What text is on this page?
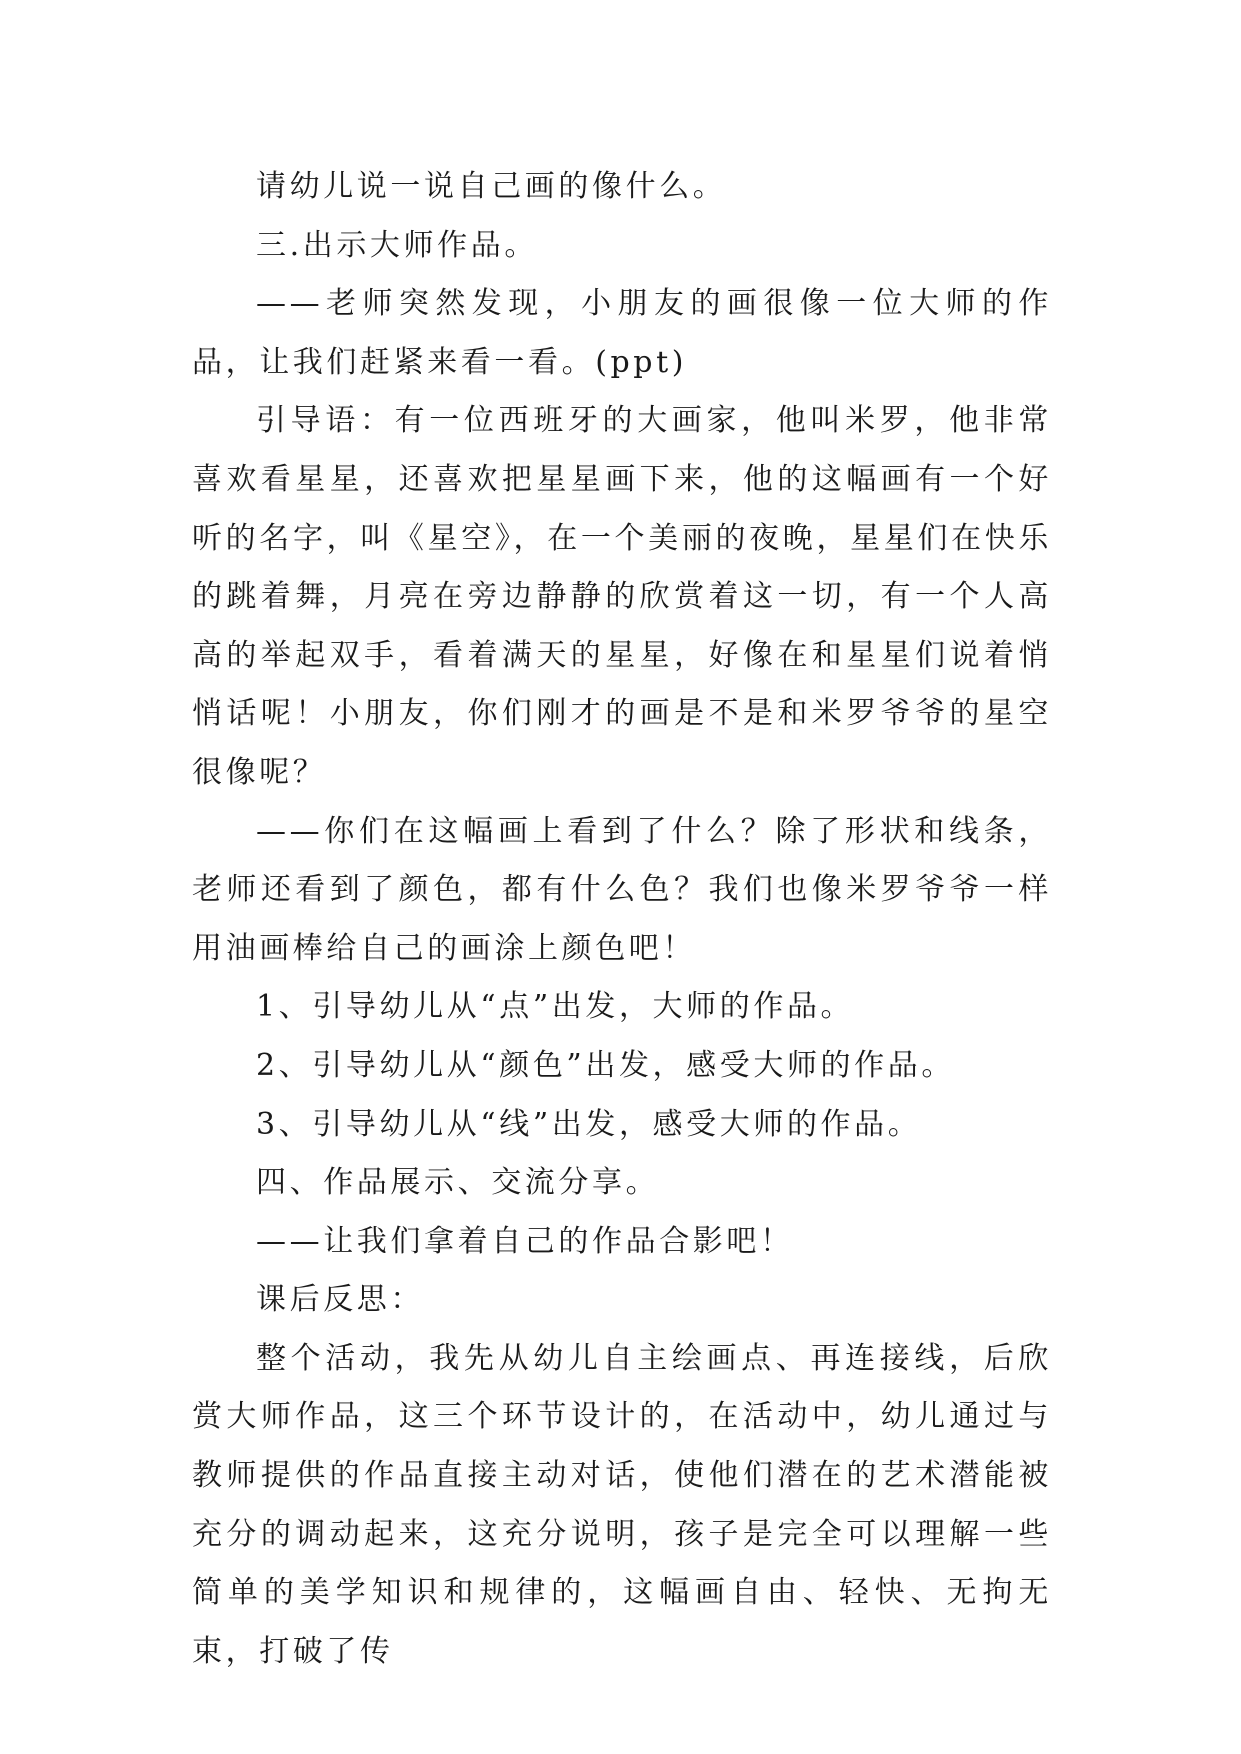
请幼儿说一说自己画的像什么。

三.出示大师作品。

——老师突然发现，小朋友的画很像一位大师的作品，让我们赶紧来看一看。(ppt)

引导语：有一位西班牙的大画家，他叫米罗，他非常喜欢看星星，还喜欢把星星画下来，他的这幅画有一个好听的名字，叫《星空》，在一个美丽的夜晚，星星们在快乐的跳着舞，月亮在旁边静静的欣赏着这一切，有一个人高高的举起双手，看着满天的星星，好像在和星星们说着悄悄话呢！小朋友，你们刚才的画是不是和米罗爷爷的星空很像呢？

——你们在这幅画上看到了什么？除了形状和线条，老师还看到了颜色，都有什么色？我们也像米罗爷爷一样用油画棒给自己的画涂上颜色吧！

1、引导幼儿从“点”出发，大师的作品。

2、引导幼儿从“颜色”出发，感受大师的作品。

3、引导幼儿从“线”出发，感受大师的作品。

四、作品展示、交流分享。

——让我们拿着自己的作品合影吧！

课后反思：

整个活动，我先从幼儿自主绘画点、再连接线，后欣赏大师作品，这三个环节设计的，在活动中，幼儿通过与教师提供的作品直接主动对话，使他们潜在的艺术潜能被充分的调动起来，这充分说明，孩子是完全可以理解一些简单的美学知识和规律的，这幅画自由、轻快、无拘无束，打破了传
